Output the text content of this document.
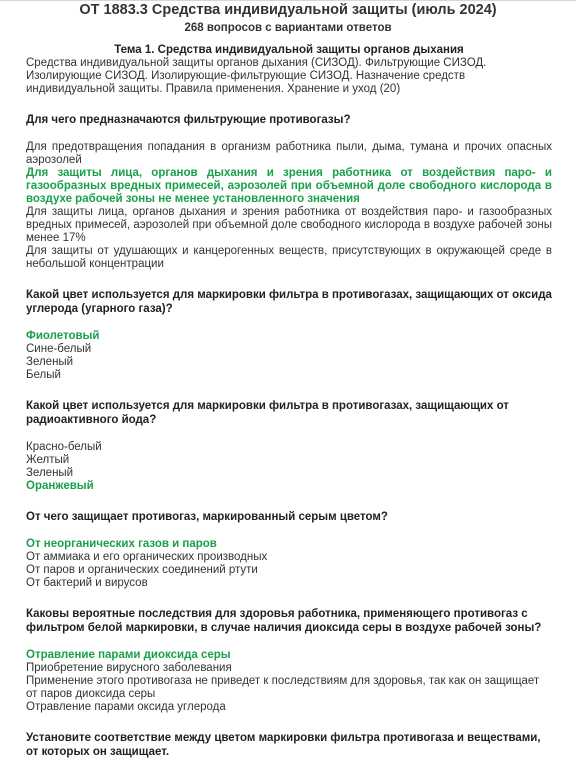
ОТ 1883.3 Средства индивидуальной защиты (июль 2024)
268 вопросов с вариантами ответов
Тема 1. Средства индивидуальной защиты органов дыхания
Средства индивидуальной защиты органов дыхания (СИЗОД). Фильтрующие СИЗОД. Изолирующие СИЗОД. Изолирующие-фильтрующие СИЗОД. Назначение средств индивидуальной защиты. Правила применения. Хранение и уход (20)
Для чего предназначаются фильтрующие противогазы?
Для предотвращения попадания в организм работника пыли, дыма, тумана и прочих опасных аэрозолей
Для защиты лица, органов дыхания и зрения работника от воздействия паро- и газообразных вредных примесей, аэрозолей при объемной доле свободного кислорода в воздухе рабочей зоны не менее установленного значения
Для защиты лица, органов дыхания и зрения работника от воздействия паро- и газообразных вредных примесей, аэрозолей при объемной доле свободного кислорода в воздухе рабочей зоны менее 17%
Для защиты от удушающих и канцерогенных веществ, присутствующих в окружающей среде в небольшой концентрации
Какой цвет используется для маркировки фильтра в противогазах, защищающих от оксида углерода (угарного газа)?
Фиолетовый
Сине-белый
Зеленый
Белый
Какой цвет используется для маркировки фильтра в противогазах, защищающих от радиоактивного йода?
Красно-белый
Желтый
Зеленый
Оранжевый
От чего защищает противогаз, маркированный серым цветом?
От неорганических газов и паров
От аммиака и его органических производных
От паров и органических соединений ртути
От бактерий и вирусов
Каковы вероятные последствия для здоровья работника, применяющего противогаз с фильтром белой маркировки, в случае наличия диоксида серы в воздухе рабочей зоны?
Отравление парами диоксида серы
Приобретение вирусного заболевания
Применение этого противогаза не приведет к последствиям для здоровья, так как он защищает от паров диоксида серы
Отравление парами оксида углерода
Установите соответствие между цветом маркировки фильтра противогаза и веществами, от которых он защищает.
